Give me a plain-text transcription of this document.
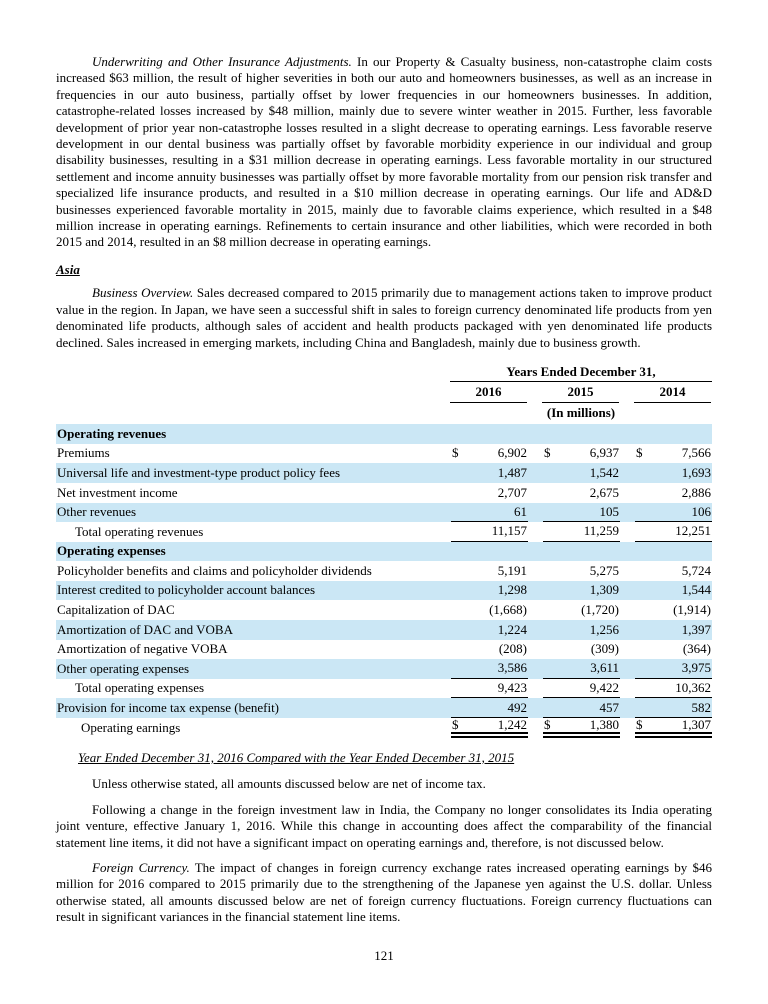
Underwriting and Other Insurance Adjustments. In our Property & Casualty business, non-catastrophe claim costs increased $63 million, the result of higher severities in both our auto and homeowners businesses, as well as an increase in frequencies in our auto business, partially offset by lower frequencies in our homeowners businesses. In addition, catastrophe-related losses increased by $48 million, mainly due to severe winter weather in 2015. Further, less favorable development of prior year non-catastrophe losses resulted in a slight decrease to operating earnings. Less favorable reserve development in our dental business was partially offset by favorable morbidity experience in our individual and group disability businesses, resulting in a $31 million decrease in operating earnings. Less favorable mortality in our structured settlement and income annuity businesses was partially offset by more favorable mortality from our pension risk transfer and specialized life insurance products, and resulted in a $10 million decrease in operating earnings. Our life and AD&D businesses experienced favorable mortality in 2015, mainly due to favorable claims experience, which resulted in a $48 million increase in operating earnings. Refinements to certain insurance and other liabilities, which were recorded in both 2015 and 2014, resulted in an $8 million decrease in operating earnings.

Asia

Business Overview. Sales decreased compared to 2015 primarily due to management actions taken to improve product value in the region. In Japan, we have seen a successful shift in sales to foreign currency denominated life products from yen denominated life products, although sales of accident and health products packaged with yen denominated life products declined. Sales increased in emerging markets, including China and Bangladesh, mainly due to business growth.

Years Ended December 31,
2016	2015	2014
(In millions)
Operating revenues
Premiums	$	6,902 $	6,937 $	7,566
Universal life and investment-type product policy fees	1,487	1,542	1,693
Net investment income	2,707	2,675	2,886
Other revenues	61	105	106
Total operating revenues	11,157	11,259	12,251
Operating expenses
Policyholder benefits and claims and policyholder dividends	5,191	5,275	5,724
Interest credited to policyholder account balances	1,298	1,309	1,544
Capitalization of DAC	(1,668)	(1,720)	(1,914)
Amortization of DAC and VOBA	1,224	1,256	1,397
Amortization of negative VOBA	(208)	(309)	(364)
Other operating expenses	3,586	3,611	3,975
Total operating expenses	9,423	9,422	10,362
Provision for income tax expense (benefit)	492	457	582
Operating earnings	$	1,242 $	1,380 $	1,307
Year Ended December 31, 2016 Compared with the Year Ended December 31, 2015

Unless otherwise stated, all amounts discussed below are net of income tax.

Following a change in the foreign investment law in India, the Company no longer consolidates its India operating joint venture, effective January 1, 2016. While this change in accounting does affect the comparability of the financial statement line items, it did not have a significant impact on operating earnings and, therefore, is not discussed below.

Foreign Currency. The impact of changes in foreign currency exchange rates increased operating earnings by $46 million for 2016 compared to 2015 primarily due to the strengthening of the Japanese yen against the U.S. dollar. Unless otherwise stated, all amounts discussed below are net of foreign currency fluctuations. Foreign currency fluctuations can result in significant variances in the financial statement line items.

121
